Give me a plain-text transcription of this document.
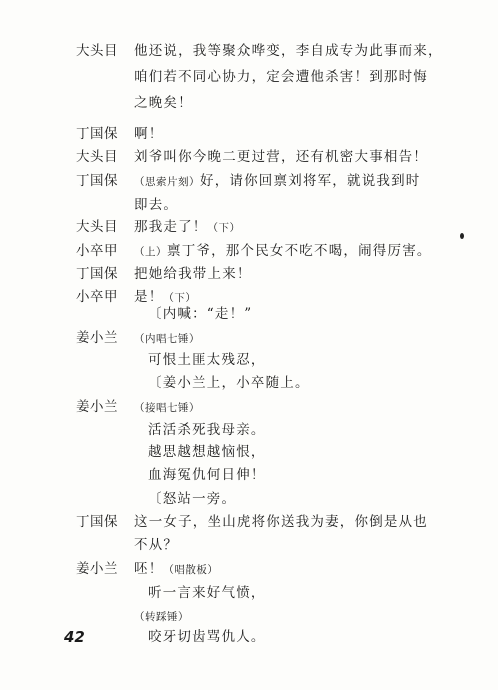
大头目	他还说，我等聚众哗变，李自成专为此事而来，
咱们若不同心协力，定会遭他杀害！到那时悔
之晚矣！
丁国保	啊！
大头目	刘爷叫你今晚二更过营，还有机密大事相告！
丁国保	（思索片刻）好，请你回禀刘将军，就说我到时
即去。
大头目	那我走了！（下）
小卒甲	（上）禀丁爷，那个民女不吃不喝，闹得厉害。
丁国保	把她给我带上来！
小卒甲	是！（下）
〔内喊：“走！”
姜小兰	（内唱七锤）
可恨土匪太残忍，
〔姜小兰上，小卒随上。
姜小兰	（接唱七锤）
活活杀死我母亲。
越思越想越恼恨，
血海冤仇何日伸！
〔怒站一旁。
丁国保	这一女子，坐山虎将你送我为妻，你倒是从也
不从？
姜小兰	呸！（唱散板）
听一言来好气愤，
（转踩锤）
咬牙切齿骂仇人。
42
